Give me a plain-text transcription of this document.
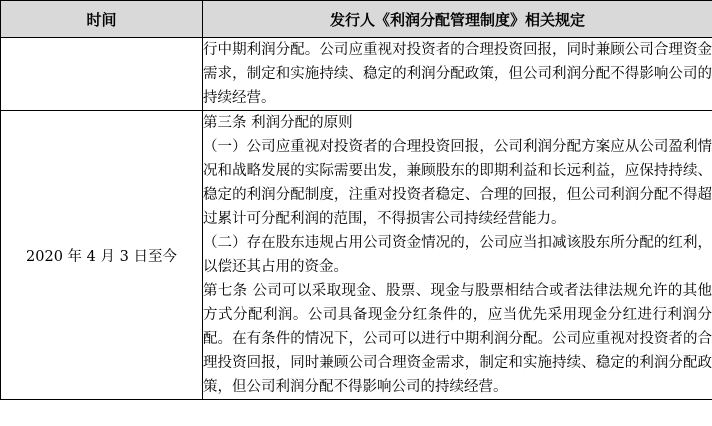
时间	发行人《利润分配管理制度》相关规定

	行中期利润分配。公司应重视对投资者的合理投资回报，同时兼顾公司合理资金需求，制定和实施持续、稳定的利润分配政策，但公司利润分配不得影响公司的持续经营。

2020 年 4 月 3 日至今	第三条 利润分配的原则

（一）公司应重视对投资者的合理投资回报，公司利润分配方案应从公司盈利情况和战略发展的实际需要出发，兼顾股东的即期利益和长远利益，应保持持续、稳定的利润分配制度，注重对投资者稳定、合理的回报，但公司利润分配不得超过累计可分配利润的范围，不得损害公司持续经营能力。

（二）存在股东违规占用公司资金情况的，公司应当扣减该股东所分配的红利，以偿还其占用的资金。

第七条 公司可以采取现金、股票、现金与股票相结合或者法律法规允许的其他方式分配利润。公司具备现金分红条件的，应当优先采用现金分红进行利润分配。在有条件的情况下，公司可以进行中期利润分配。公司应重视对投资者的合理投资回报，同时兼顾公司合理资金需求，制定和实施持续、稳定的利润分配政策，但公司利润分配不得影响公司的持续经营。
